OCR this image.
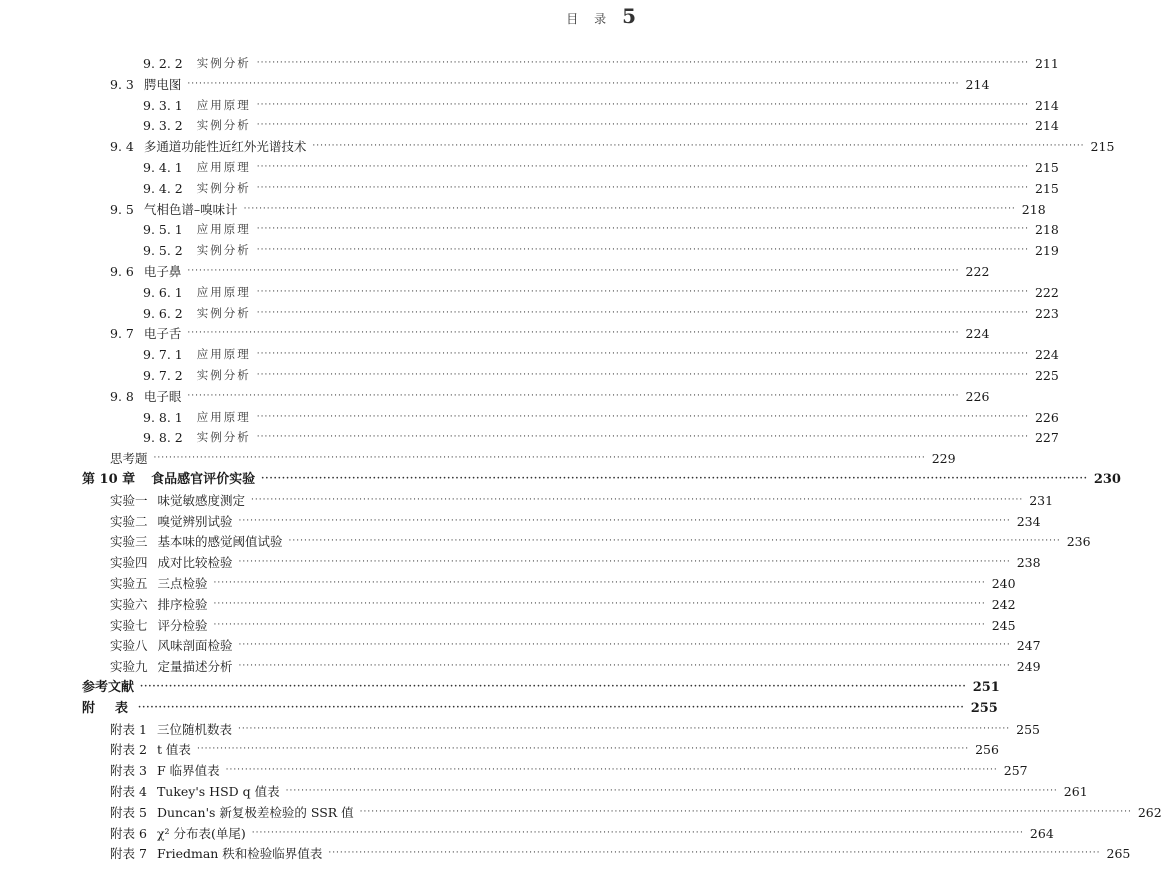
目 录 5
9. 2. 2 实例分析 ········································································································································································································ 211
9. 3 腭电图 ········································································································································································································ 214
9. 3. 1 应用原理 ········································································································································································································ 214
9. 3. 2 实例分析 ········································································································································································································ 214
9. 4 多通道功能性近红外光谱技术 ········································································································································································································ 215
9. 4. 1 应用原理 ········································································································································································································ 215
9. 4. 2 实例分析 ········································································································································································································ 215
9. 5 气相色谱–嗅味计 ········································································································································································································ 218
9. 5. 1 应用原理 ········································································································································································································ 218
9. 5. 2 实例分析 ········································································································································································································ 219
9. 6 电子鼻 ········································································································································································································ 222
9. 6. 1 应用原理 ········································································································································································································ 222
9. 6. 2 实例分析 ········································································································································································································ 223
9. 7 电子舌 ········································································································································································································ 224
9. 7. 1 应用原理 ········································································································································································································ 224
9. 7. 2 实例分析 ········································································································································································································ 225
9. 8 电子眼 ········································································································································································································ 226
9. 8. 1 应用原理 ········································································································································································································ 226
9. 8. 2 实例分析 ········································································································································································································ 227
思考题 ········································································································································································································ 229
第 10 章 食品感官评价实验 ········································································································································································································ 230
实验一 味觉敏感度测定 ········································································································································································································ 231
实验二 嗅觉辨别试验 ········································································································································································································ 234
实验三 基本味的感觉阈值试验 ········································································································································································································ 236
实验四 成对比较检验 ········································································································································································································ 238
实验五 三点检验 ········································································································································································································ 240
实验六 排序检验 ········································································································································································································ 242
实验七 评分检验 ········································································································································································································ 245
实验八 风味剖面检验 ········································································································································································································ 247
实验九 定量描述分析 ········································································································································································································ 249
参考文献 ········································································································································································································ 251
附表
········································································································································································································ 255
附表 1 三位随机数表 ········································································································································································································ 255
附表 2 t 值表 ········································································································································································································ 256
附表 3 F 临界值表 ········································································································································································································ 257
附表 4 Tukey's HSD q 值表 ········································································································································································································ 261
附表 5 Duncan's 新复极差检验的 SSR 值 ········································································································································································································ 262
附表 6 χ² 分布表(单尾) ········································································································································································································ 264
附表 7 Friedman 秩和检验临界值表 ········································································································································································································ 265
